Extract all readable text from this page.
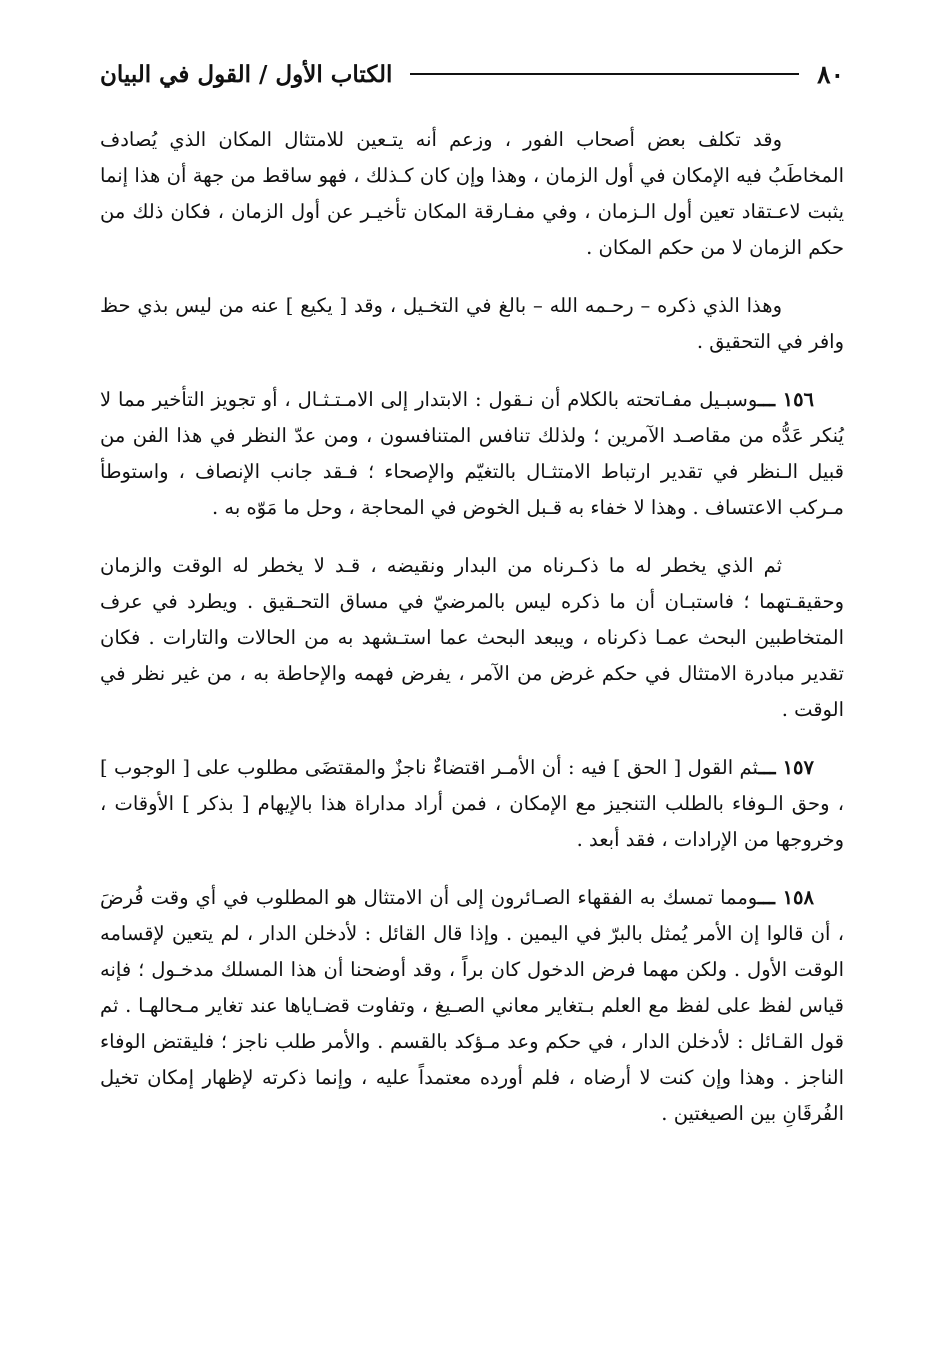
٨٠
الكتاب الأول / القول في البيان

وقد تكلف بعض أصحاب الفور ، وزعم أنه يتـعين للامتثال المكان الذي يُصادف المخاطَبُ فيه الإمكان في أول الزمان ، وهذا وإن كان كـذلك ، فهو ساقط من جهة أن هذا إنما يثبت لاعـتقاد تعين أول الـزمان ، وفي مفـارقة المكان تأخيـر عن أول الزمان ، فكان ذلك من حكم الزمان لا من حكم المكان .

وهذا الذي ذكره – رحـمه الله – بالغ في التخـيل ، وقد [ يكيع ] عنه من ليس بذي حظ وافر في التحقيق .

١٥٦ ـــوسبـيل مفـاتحته بالكلام أن نـقول : الابتدار إلى الامـتـثـال ، أو تجويز التأخير مما لا يُنكر عَدُّه من مقاصـد الآمرين ؛ ولذلك تنافس المتنافسون ، ومن عدّ النظر في هذا الفن من قبيل الـنظر في تقدير ارتباط الامتثـال بالتغيّم والإصحاء ؛ فـقد جانب الإنصاف ، واستوطأ مـركب الاعتساف . وهذا لا خفاء به قـبل الخوض في المحاجة ، وحل ما مَوّه به .

ثم الذي يخطر له ما ذكـرناه من البدار ونقيضه ، قـد لا يخطر له الوقت والزمان وحقيقـتهما ؛ فاستبـان أن ما ذكره ليس بالمرضيّ في مساق التحـقيق . ويطرد في عرف المتخاطبين البحث عمـا ذكرناه ، ويبعد البحث عما استـشهد به من الحالات والتارات . فكان تقدير مبادرة الامتثال في حكم غرض من الآمر ، يفرض فهمه والإحاطة به ، من غير نظر في الوقت .

١٥٧ ـــثم القول [ الحق ] فيه : أن الأمـر اقتضاءٌ ناجزٌ والمقتضَى مطلوب على [ الوجوب ] ، وحق الـوفاء بالطلب التنجيز مع الإمكان ، فمن أراد مداراة هذا بالإيهام [ بذكر ] الأوقات ، وخروجها من الإرادات ، فقد أبعد .

١٥٨ ـــومما تمسك به الفقهاء الصـائرون إلى أن الامتثال هو المطلوب في أي وقت فُرضَ ، أن قالوا إن الأمر يُمثل بالبرّ في اليمين . وإذا قال القائل : لأدخلن الدار ، لم يتعين لإقسامه الوقت الأول . ولكن مهما فرض الدخول كان براً ، وقد أوضحنا أن هذا المسلك مدخـول ؛ فإنه قياس لفظ على لفظ مع العلم بـتغاير معاني الصـيغ ، وتفاوت قضـاياها عند تغاير مـحالهـا . ثم قول القـائل : لأدخلن الدار ، في حكم وعد مـؤكد بالقسم . والأمر طلب ناجز ؛ فليقتض الوفاء الناجز . وهذا وإن كنت لا أرضاه ، فلم أورده معتمداً عليه ، وإنما ذكرته لإظهار إمكان تخيل الفُرقَانِ بين الصيغتين .
